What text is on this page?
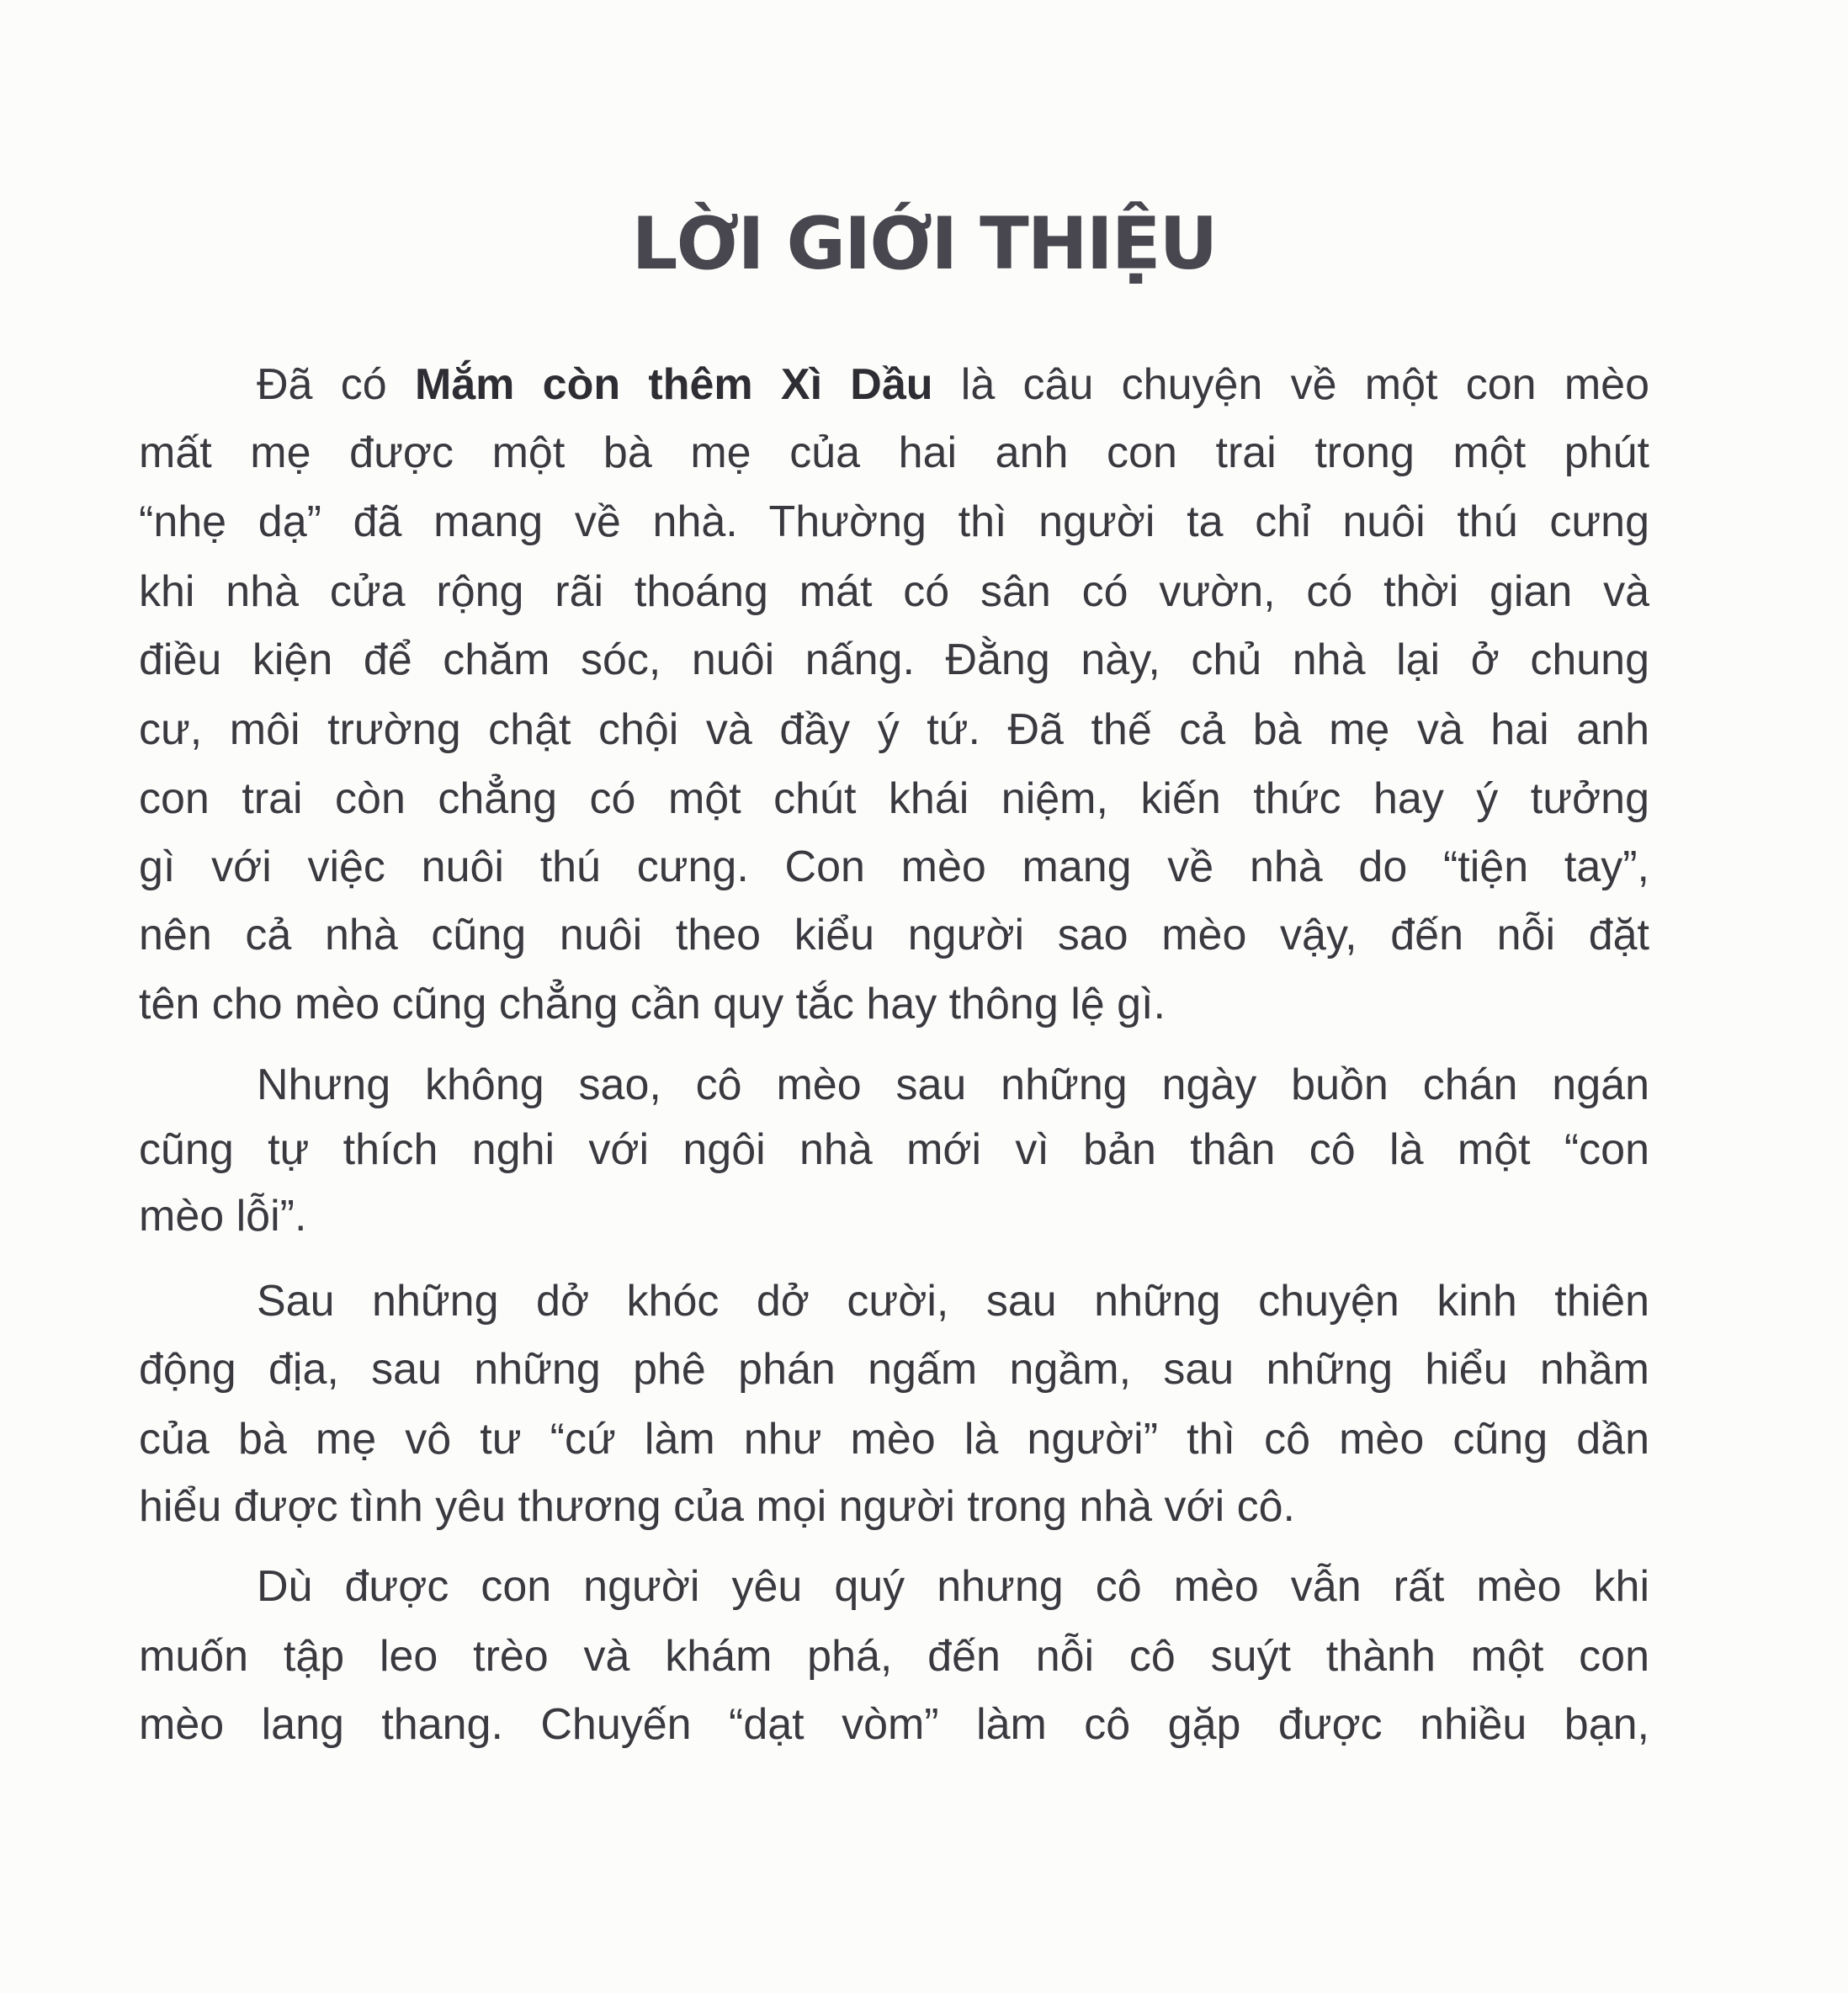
LỜI GIỚI THIỆU
Đã có Mắm còn thêm Xì Dầu là câu chuyện về một con mèo
mất mẹ được một bà mẹ của hai anh con trai trong một phút
“nhẹ dạ” đã mang về nhà. Thường thì người ta chỉ nuôi thú cưng
khi nhà cửa rộng rãi thoáng mát có sân có vườn, có thời gian và
điều kiện để chăm sóc, nuôi nấng. Đằng này, chủ nhà lại ở chung
cư, môi trường chật chội và đầy ý tứ. Đã thế cả bà mẹ và hai anh
con trai còn chẳng có một chút khái niệm, kiến thức hay ý tưởng
gì với việc nuôi thú cưng. Con mèo mang về nhà do “tiện tay”,
nên cả nhà cũng nuôi theo kiểu người sao mèo vậy, đến nỗi đặt
tên cho mèo cũng chẳng cần quy tắc hay thông lệ gì.
Nhưng không sao, cô mèo sau những ngày buồn chán ngán
cũng tự thích nghi với ngôi nhà mới vì bản thân cô là một “con
mèo lỗi”.
Sau những dở khóc dở cười, sau những chuyện kinh thiên
động địa, sau những phê phán ngấm ngầm, sau những hiểu nhầm
của bà mẹ vô tư “cứ làm như mèo là người” thì cô mèo cũng dần
hiểu được tình yêu thương của mọi người trong nhà với cô.
Dù được con người yêu quý nhưng cô mèo vẫn rất mèo khi
muốn tập leo trèo và khám phá, đến nỗi cô suýt thành một con
mèo lang thang. Chuyến “dạt vòm” làm cô gặp được nhiều bạn,
